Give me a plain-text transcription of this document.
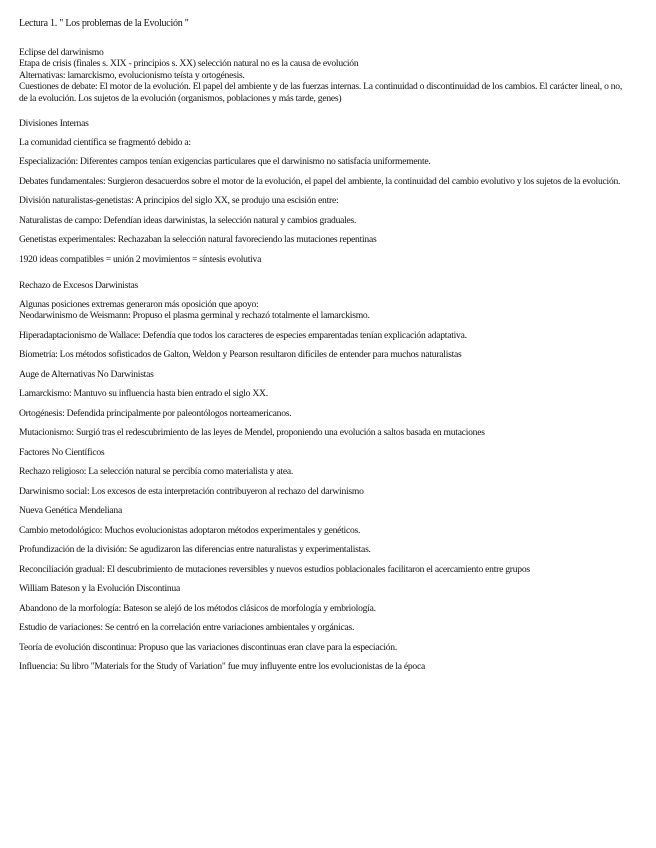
Lectura 1. " Los problemas de la Evolución "

Eclipse del darwinismo

Etapa de crisis (finales s. XIX - principios s. XX) selección natural no es la causa de evolución

Alternativas: lamarckismo, evolucionismo teísta y ortogénesis.

Cuestiones de debate: El motor de la evolución. El papel del ambiente y de las fuerzas internas. La continuidad o discontinuidad de los cambios. El carácter lineal, o no, de la evolución. Los sujetos de la evolución (organismos, poblaciones y más tarde, genes)

Divisiones Internas

La comunidad científica se fragmentó debido a:

Especialización: Diferentes campos tenían exigencias particulares que el darwinismo no satisfacía uniformemente.

Debates fundamentales: Surgieron desacuerdos sobre el motor de la evolución, el papel del ambiente, la continuidad del cambio evolutivo y los sujetos de la evolución.

División naturalistas-genetistas: A principios del siglo XX, se produjo una escisión entre:

Naturalistas de campo: Defendían ideas darwinistas, la selección natural y cambios graduales.

Genetistas experimentales: Rechazaban la selección natural favoreciendo las mutaciones repentinas

1920 ideas compatibles = unión 2 movimientos = síntesis evolutiva

Rechazo de Excesos Darwinistas

Algunas posiciones extremas generaron más oposición que apoyo:

Neodarwinismo de Weismann: Propuso el plasma germinal y rechazó totalmente el lamarckismo.

Hiperadaptacionismo de Wallace: Defendía que todos los caracteres de especies emparentadas tenían explicación adaptativa.

Biometría: Los métodos sofisticados de Galton, Weldon y Pearson resultaron difíciles de entender para muchos naturalistas

Auge de Alternativas No Darwinistas

Lamarckismo: Mantuvo su influencia hasta bien entrado el siglo XX.

Ortogénesis: Defendida principalmente por paleontólogos norteamericanos.

Mutacionismo: Surgió tras el redescubrimiento de las leyes de Mendel, proponiendo una evolución a saltos basada en mutaciones

Factores No Científicos

Rechazo religioso: La selección natural se percibía como materialista y atea.

Darwinismo social: Los excesos de esta interpretación contribuyeron al rechazo del darwinismo

Nueva Genética Mendeliana

Cambio metodológico: Muchos evolucionistas adoptaron métodos experimentales y genéticos.

Profundización de la división: Se agudizaron las diferencias entre naturalistas y experimentalistas.

Reconciliación gradual: El descubrimiento de mutaciones reversibles y nuevos estudios poblacionales facilitaron el acercamiento entre grupos

William Bateson y la Evolución Discontinua

Abandono de la morfología: Bateson se alejó de los métodos clásicos de morfología y embriología.

Estudio de variaciones: Se centró en la correlación entre variaciones ambientales y orgánicas.

Teoría de evolución discontinua: Propuso que las variaciones discontinuas eran clave para la especiación.

Influencia: Su libro "Materials for the Study of Variation" fue muy influyente entre los evolucionistas de la época
